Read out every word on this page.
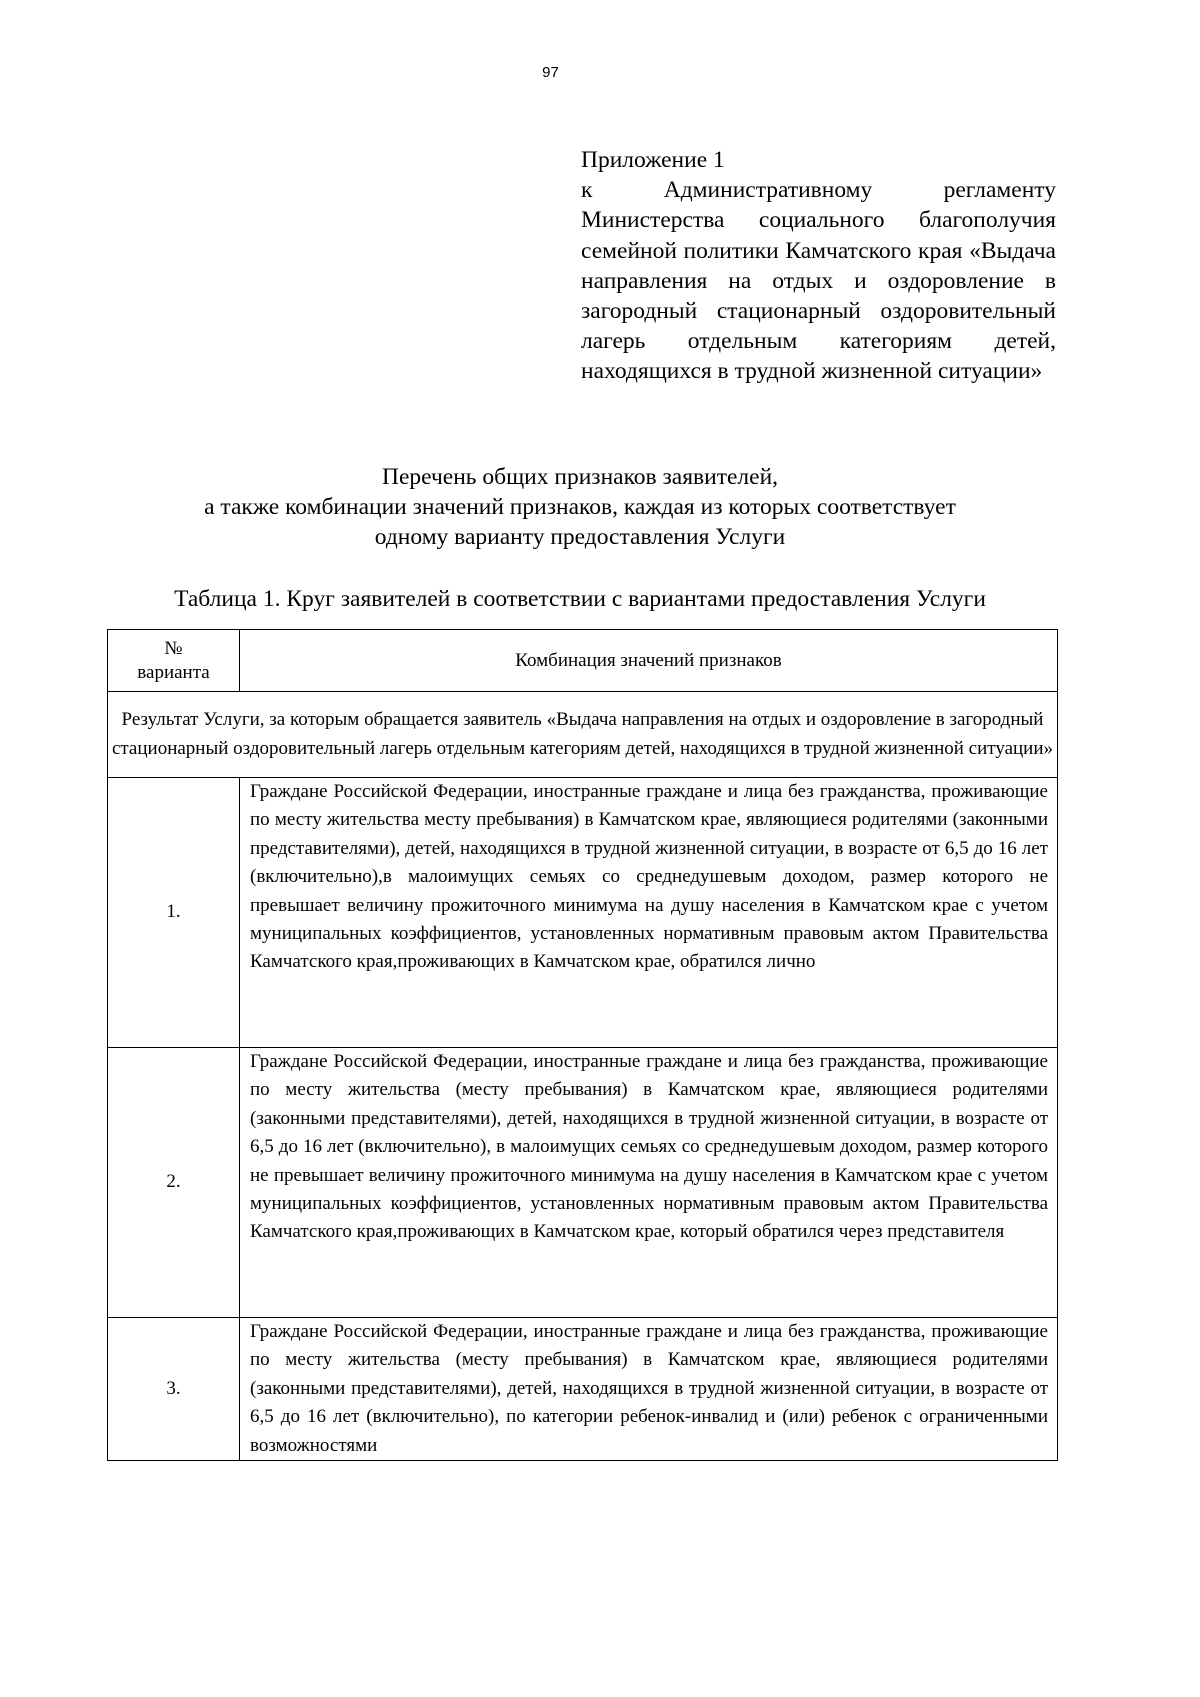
97
Приложение 1
к Административному регламенту Министерства социального благополучия семейной политики Камчатского края «Выдача направления на отдых и оздоровление в загородный стационарный оздоровительный лагерь отдельным категориям детей, находящихся в трудной жизненной ситуации»
Перечень общих признаков заявителей,
а также комбинации значений признаков, каждая из которых соответствует
одному варианту предоставления Услуги
Таблица 1. Круг заявителей в соответствии с вариантами предоставления Услуги
№
варианта	Комбинация значений признаков
Результат Услуги, за которым обращается заявитель «Выдача направления на отдых и оздоровление в загородный стационарный оздоровительный лагерь отдельным категориям детей, находящихся в трудной жизненной ситуации»	
1.	Граждане Российской Федерации, иностранные граждане и лица без гражданства, проживающие по месту жительства месту пребывания) в Камчатском крае, являющиеся родителями (законными представителями), детей, находящихся в трудной жизненной ситуации, в возрасте от 6,5 до 16 лет (включительно),в малоимущих семьях со среднедушевым доходом, размер которого не превышает величину прожиточного минимума на душу населения в Камчатском крае с учетом муниципальных коэффициентов, установленных нормативным правовым актом Правительства Камчатского края,проживающих в Камчатском крае, обратился лично
2.	Граждане Российской Федерации, иностранные граждане и лица без гражданства, проживающие по месту жительства (месту пребывания) в Камчатском крае, являющиеся родителями (законными представителями), детей, находящихся в трудной жизненной ситуации, в возрасте от 6,5 до 16 лет (включительно), в малоимущих семьях со среднедушевым доходом, размер которого не превышает величину прожиточного минимума на душу населения в Камчатском крае с учетом муниципальных коэффициентов, установленных нормативным правовым актом Правительства Камчатского края,проживающих в Камчатском крае, который обратился через представителя
3.	Граждане Российской Федерации, иностранные граждане и лица без гражданства, проживающие по месту жительства (месту пребывания) в Камчатском крае, являющиеся родителями (законными представителями), детей, находящихся в трудной жизненной ситуации, в возрасте от 6,5 до 16 лет (включительно), по категории ребенок-инвалид и (или) ребенок с ограниченными возможностями
